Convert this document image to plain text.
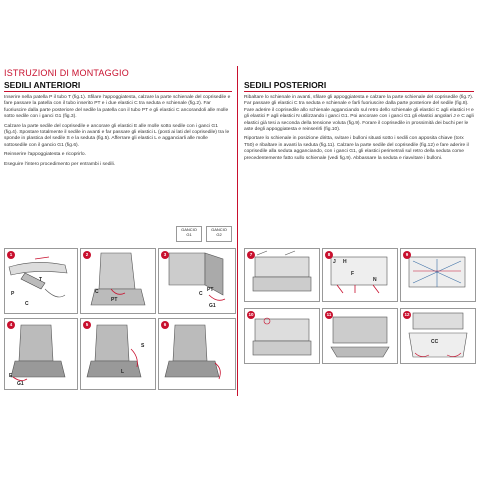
ISTRUZIONI DI MONTAGGIO
SEDILI ANTERIORI

Inserire nella patella P il tubo T (fig.1). Sfilare l'appoggiatesta, calzare la parte schienale del coprisedile e fare passare la patella con il tubo inserito PT e i due elastici C tra seduta e schienale (fig.2). Far fuoriuscire dalla parte posteriore del sedile la patella con il tubo PT e gli elastici C ancorandoli alle molle sotto sedile con i ganci G1 (fig.3).

Calzare la parte sedile del coprisedile e ancorare gli elastici E alle molle sotto sedile con i ganci G1 (fig.4). Spostare totalmente il sedile in avanti e far passare gli elastici L (posti ai lati del coprisedile) tra le sponde in plastica del sedile S e la seduta (fig.5). Afferrare gli elastici L e agganciarli alle molle sottosedile con il gancio G1 (fig.6).

Reinserire l'appoggiatesta e ricoprirlo.

Eseguire l'intero procedimento per entrambi i sedili.

GANCIO
G1
GANCIO
G2
SEDILI POSTERIORI

Ribaltare lo schienale in avanti, sfilare gli appoggiatesta e calzare la parte schienale del coprisedile (fig.7). Far passare gli elastici C tra seduta e schienale e farli fuoriuscire dalla parte posteriore del sedile (fig.8). Fare aderire il coprisedile allo schienale agganciando sul retro dello schienale gli elastici C agli elastici H e gli elastici F agli elastici N utilizzando i ganci G1. Poi ancorare con i ganci G1 gli elastici angolari J e C agli elastici già tesi a seconda della tensione voluta (fig.9). Forare il coprisedile in prossimità dei buchi per le aste degli appoggiatesta e reinserirli (fig.10).

Riportare lo schienale in posizione diritta, svitare i bulloni situati sotto i sedili con apposita chiave (torx T50) e ribaltare in avanti la seduta (fig.11). Calzare la parte sedile del coprisedile (fig.12) e fare aderire il coprisedile alla seduta agganciando, con i ganci G1, gli elastici perimetrali sul retro della seduta come precedentemente fatto sullo schienale (vedi fig.9). Abbassare la seduta e riavvitare i bulloni.

1
P
T
C
2
C
PT
3
PT
C
G1
4
E
G1
5
S
L
6
7	8
J H
F
N
9
10	11	12
CC
